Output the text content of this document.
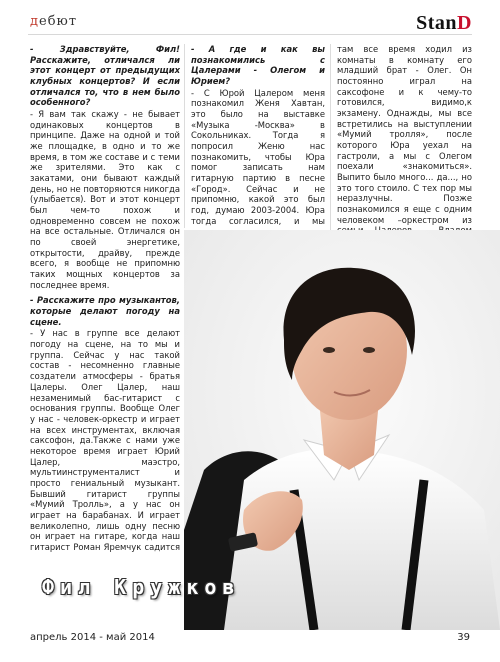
дебют	StanD

- Здравствуйте, Фил! Расскажите, отличался ли этот концерт от предыдущих клубных концертов? И если отличался то, что в нем было особенного?

- Я вам так скажу - не бывает одинаковых концертов в принципе. Даже на одной и той же площадке, в одно и то же время, в том же составе и с теми же зрителями. Это как с закатами, они бывают каждый день, но не повторяются никогда (улыбается). Вот и этот концерт был чем-то похож и одновременно совсем не похож на все остальные. Отличался он по своей энергетике, открытости, драйву, прежде всего, я вообще не припомню таких мощных концертов за последнее время.

- Расскажите про музыкантов, которые делают погоду на сцене.

- У нас в группе все делают погоду на сцене, на то мы и группа. Сейчас у нас такой состав - несомненно главные создатели атмосферы - братья Цалеры. Олег Цалер, наш незаменимый бас-гитарист с основания группы. Вообще Олег у нас - человек-оркестр и играет на всех инструментах, включая саксофон, да.Также с нами уже некоторое время играет Юрий Цалер, маэстро, мультиинструменталист и просто гениальный музыкант. Бывший гитарист группы «Мумий Тролль», а у нас он играет на барабанах. И играет великолепно, лишь одну песню он играет на гитаре, когда наш гитарист Роман Яремчук садится

- А где и как вы познакомились с Цалерами - Олегом и Юрием?

- С Юрой Цалером меня познакомил Женя Хавтан, это было на выставке «Музыка -Москва» в Сокольниках. Тогда я попросил Женю нас познакомить, чтобы Юра помог записать нам гитарную партию в песне «Город». Сейчас и не припомню, какой это был год, думаю 2003-2004. Юра тогда согласился, и мы

там все время ходил из комнаты в комнату его младший брат - Олег. Он постоянно играл на саксофоне и к чему-то готовился, видимо,к экзамену. Однажды, мы все встретились на выступлении «Мумий тролля», после которого Юра уехал на гастроли, а мы с Олегом поехали «знакомиться». Выпито было много... да..., но это того стоило. С тех пор мы неразлучны. Позже познакомился я еще с одним человеком –оркестром из

Фил Кружков
апрель 2014 - май 2014	39
